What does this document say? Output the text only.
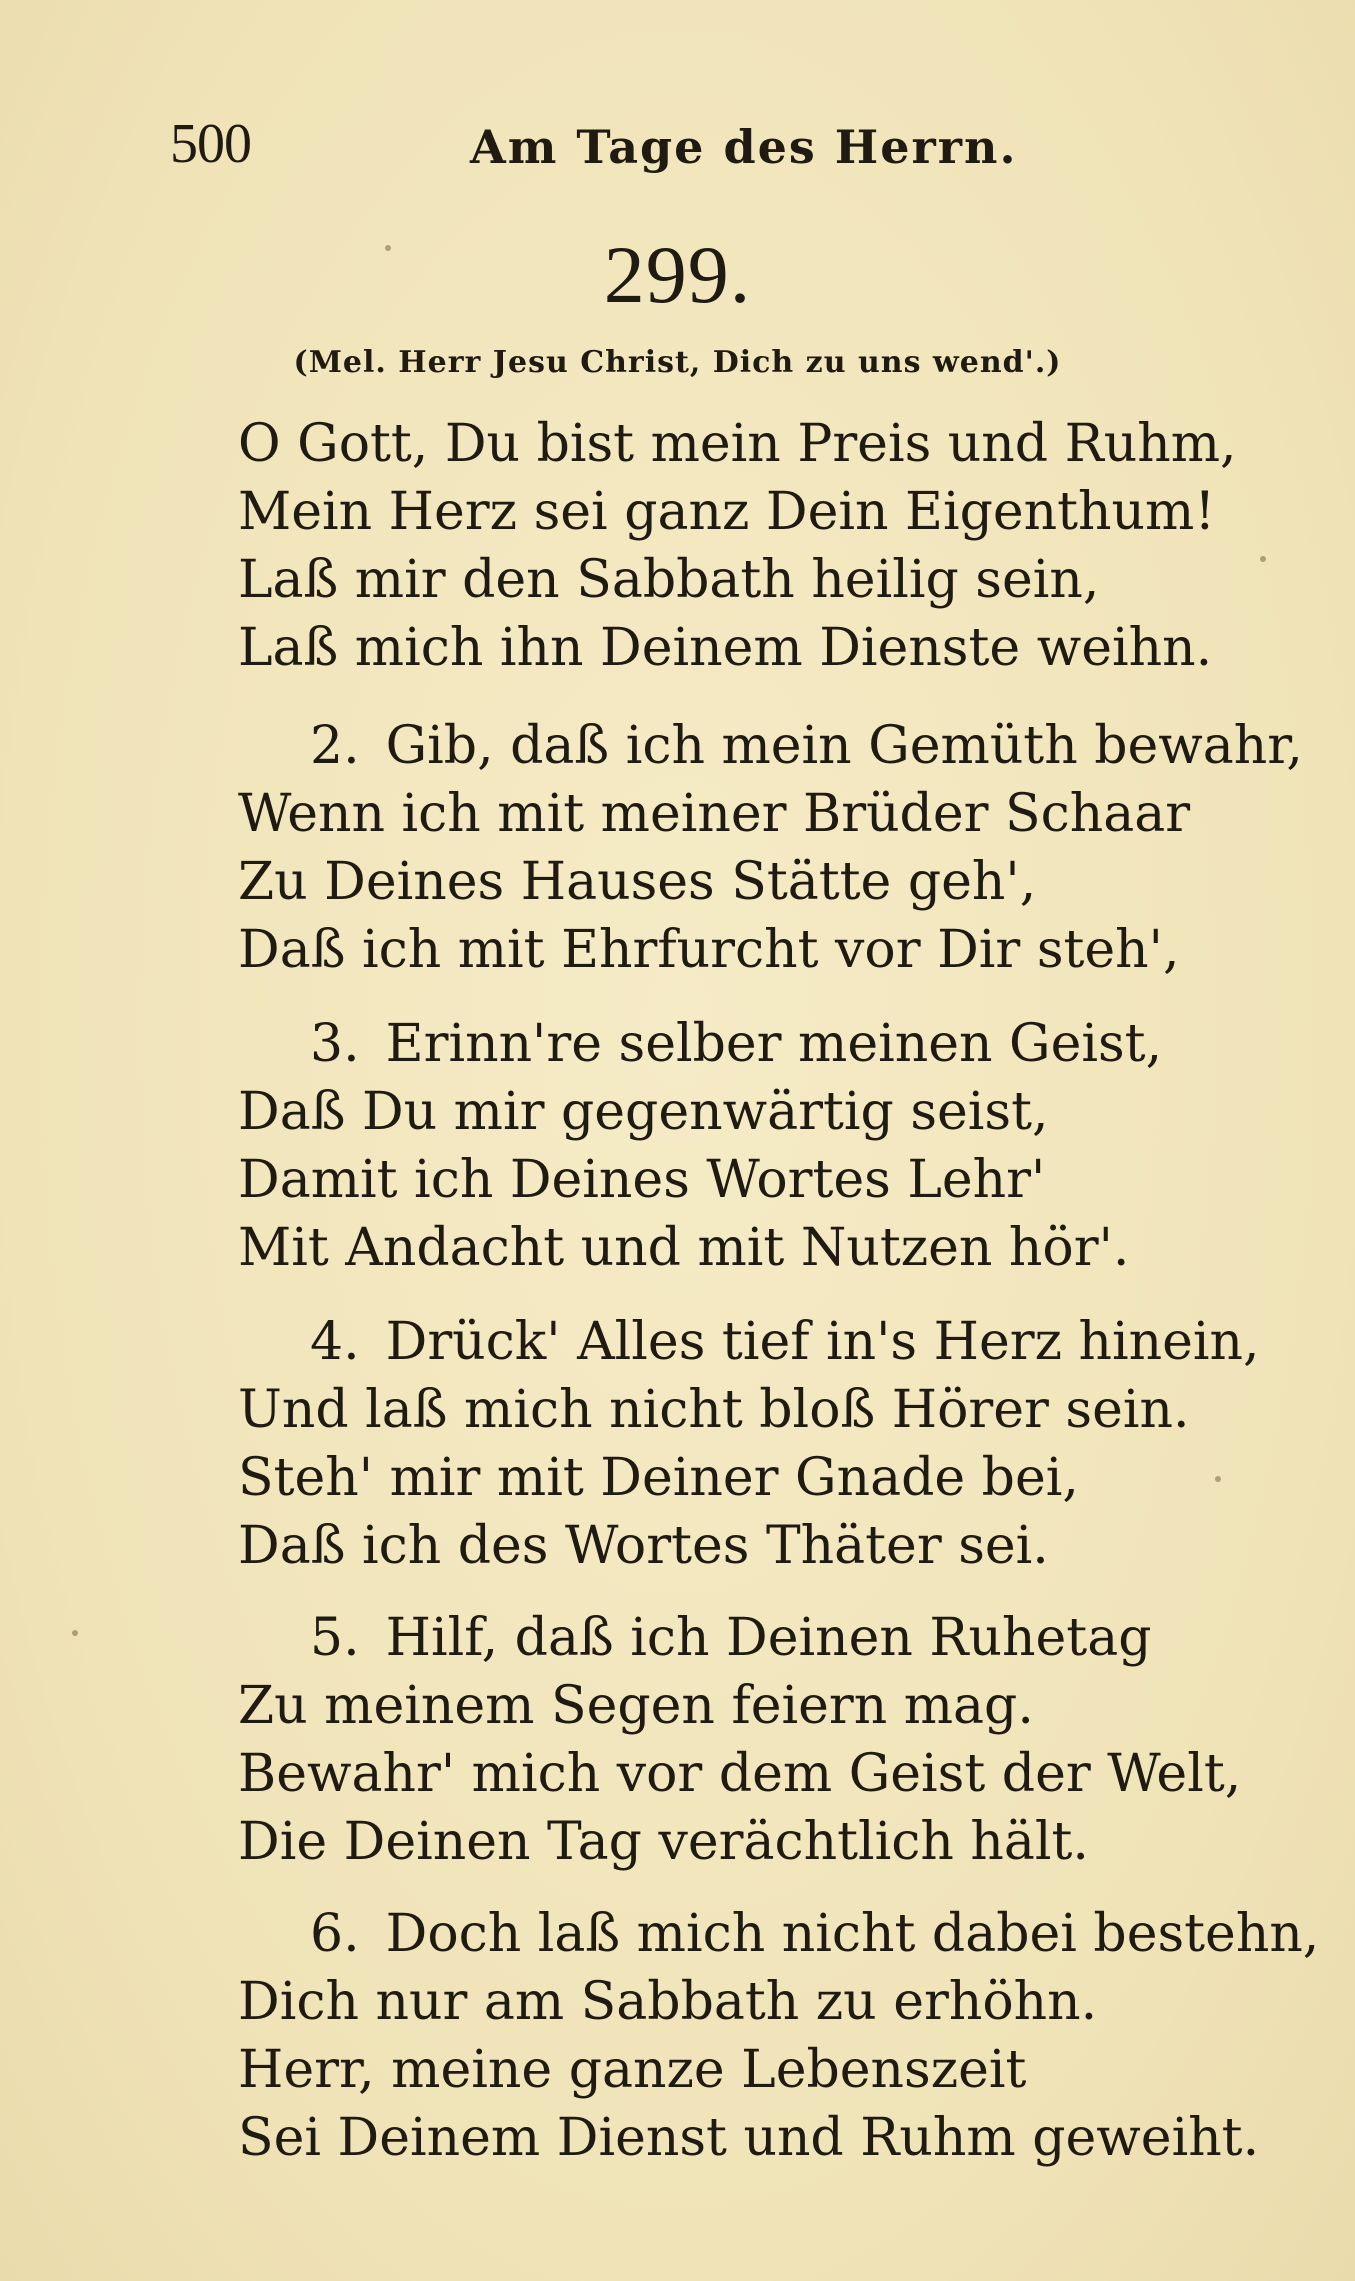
500	Am Tage des Herrn.
299.
(Mel. Herr Jesu Christ, Dich zu uns wend'.)
O Gott, Du bist mein Preis und Ruhm,
Mein Herz sei ganz Dein Eigenthum!
Laß mir den Sabbath heilig sein,
Laß mich ihn Deinem Dienste weihn.
2. Gib, daß ich mein Gemüth bewahr,
Wenn ich mit meiner Brüder Schaar
Zu Deines Hauses Stätte geh',
Daß ich mit Ehrfurcht vor Dir steh',
3. Erinn're selber meinen Geist,
Daß Du mir gegenwärtig seist,
Damit ich Deines Wortes Lehr'
Mit Andacht und mit Nutzen hör'.
4. Drück' Alles tief in's Herz hinein,
Und laß mich nicht bloß Hörer sein.
Steh' mir mit Deiner Gnade bei,
Daß ich des Wortes Thäter sei.
5. Hilf, daß ich Deinen Ruhetag
Zu meinem Segen feiern mag.
Bewahr' mich vor dem Geist der Welt,
Die Deinen Tag verächtlich hält.
6. Doch laß mich nicht dabei bestehn,
Dich nur am Sabbath zu erhöhn.
Herr, meine ganze Lebenszeit
Sei Deinem Dienst und Ruhm geweiht.
